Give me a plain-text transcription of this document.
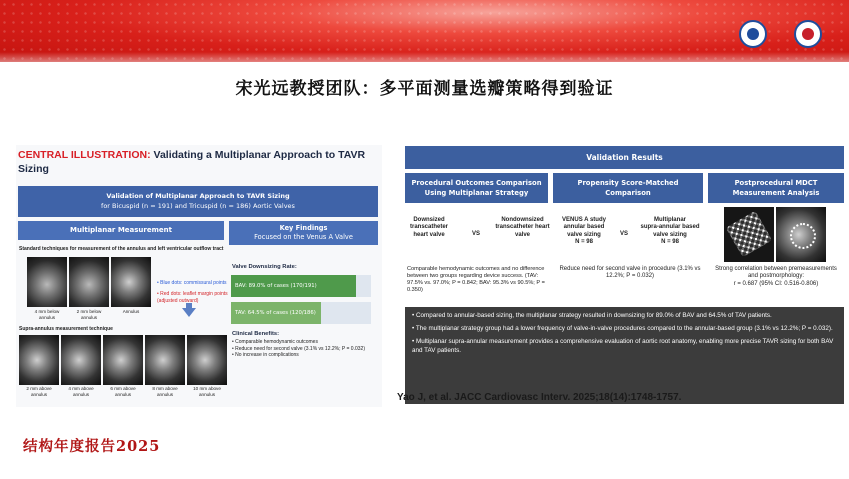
宋光远教授团队：多平面测量选瓣策略得到验证
CENTRAL ILLUSTRATION: Validating a Multiplanar Approach to TAVR Sizing
Validation of Multiplanar Approach to TAVR Sizing
for Bicuspid (n = 191) and Tricuspid (n = 186) Aortic Valves
Multiplanar Measurement	Key Findings
Focused on the Venus A Valve
Standard techniques for measurement of the annulus and left ventricular outflow tract
4 mm below annulus
2 mm below annulus
Annulus
• Blue dots: commissural points
• Red dots: leaflet margin points (adjusted outward)
Supra-annulus measurement technique
2 mm above annulus
4 mm above annulus
6 mm above annulus
8 mm above annulus
10 mm above annulus
Valve Downsizing Rate:
BAV: 89.0% of cases (170/191)
TAV: 64.5% of cases (120/186)
Clinical Benefits:
• Comparable hemodynamic outcomes
• Reduce need for second valve (3.1% vs 12.2%; P = 0.032)
• No increase in complications
Validation Results
Procedural Outcomes Comparison
Using Multiplanar Strategy
Propensity Score-Matched
Comparison
Postprocedural MDCT
Measurement Analysis
Downsized transcatheter heart valve	VS
Nondownsized transcatheter heart valve
Comparable hemodynamic outcomes and no difference between two groups regarding device success. (TAV: 97.5% vs. 97.0%; P = 0.842; BAV: 95.3% vs 90.5%; P = 0.350)
VENUS A study
annular based valve sizing
N = 98
VS
Multiplanar
supra-annular based valve sizing
N = 98
Reduce need for second valve in procedure (3.1% vs 12.2%; P = 0.032)
Strong correlation between premeasurements
and postmorphology:
r = 0.687 (95% CI: 0.516-0.806)
• Compared to annular-based sizing, the multiplanar strategy resulted in downsizing for 89.0% of BAV and 64.5% of TAV patients.
• The multiplanar strategy group had a lower frequency of valve-in-valve procedures compared to the annular-based group (3.1% vs 12.2%; P = 0.032).
• Multiplanar supra-annular measurement provides a comprehensive evaluation of aortic root anatomy, enabling more precise TAVR sizing for both BAV and TAV patients.
Yao J, et al. JACC Cardiovasc Interv. 2025;18(14):1748-1757.
结构年度报告2025
